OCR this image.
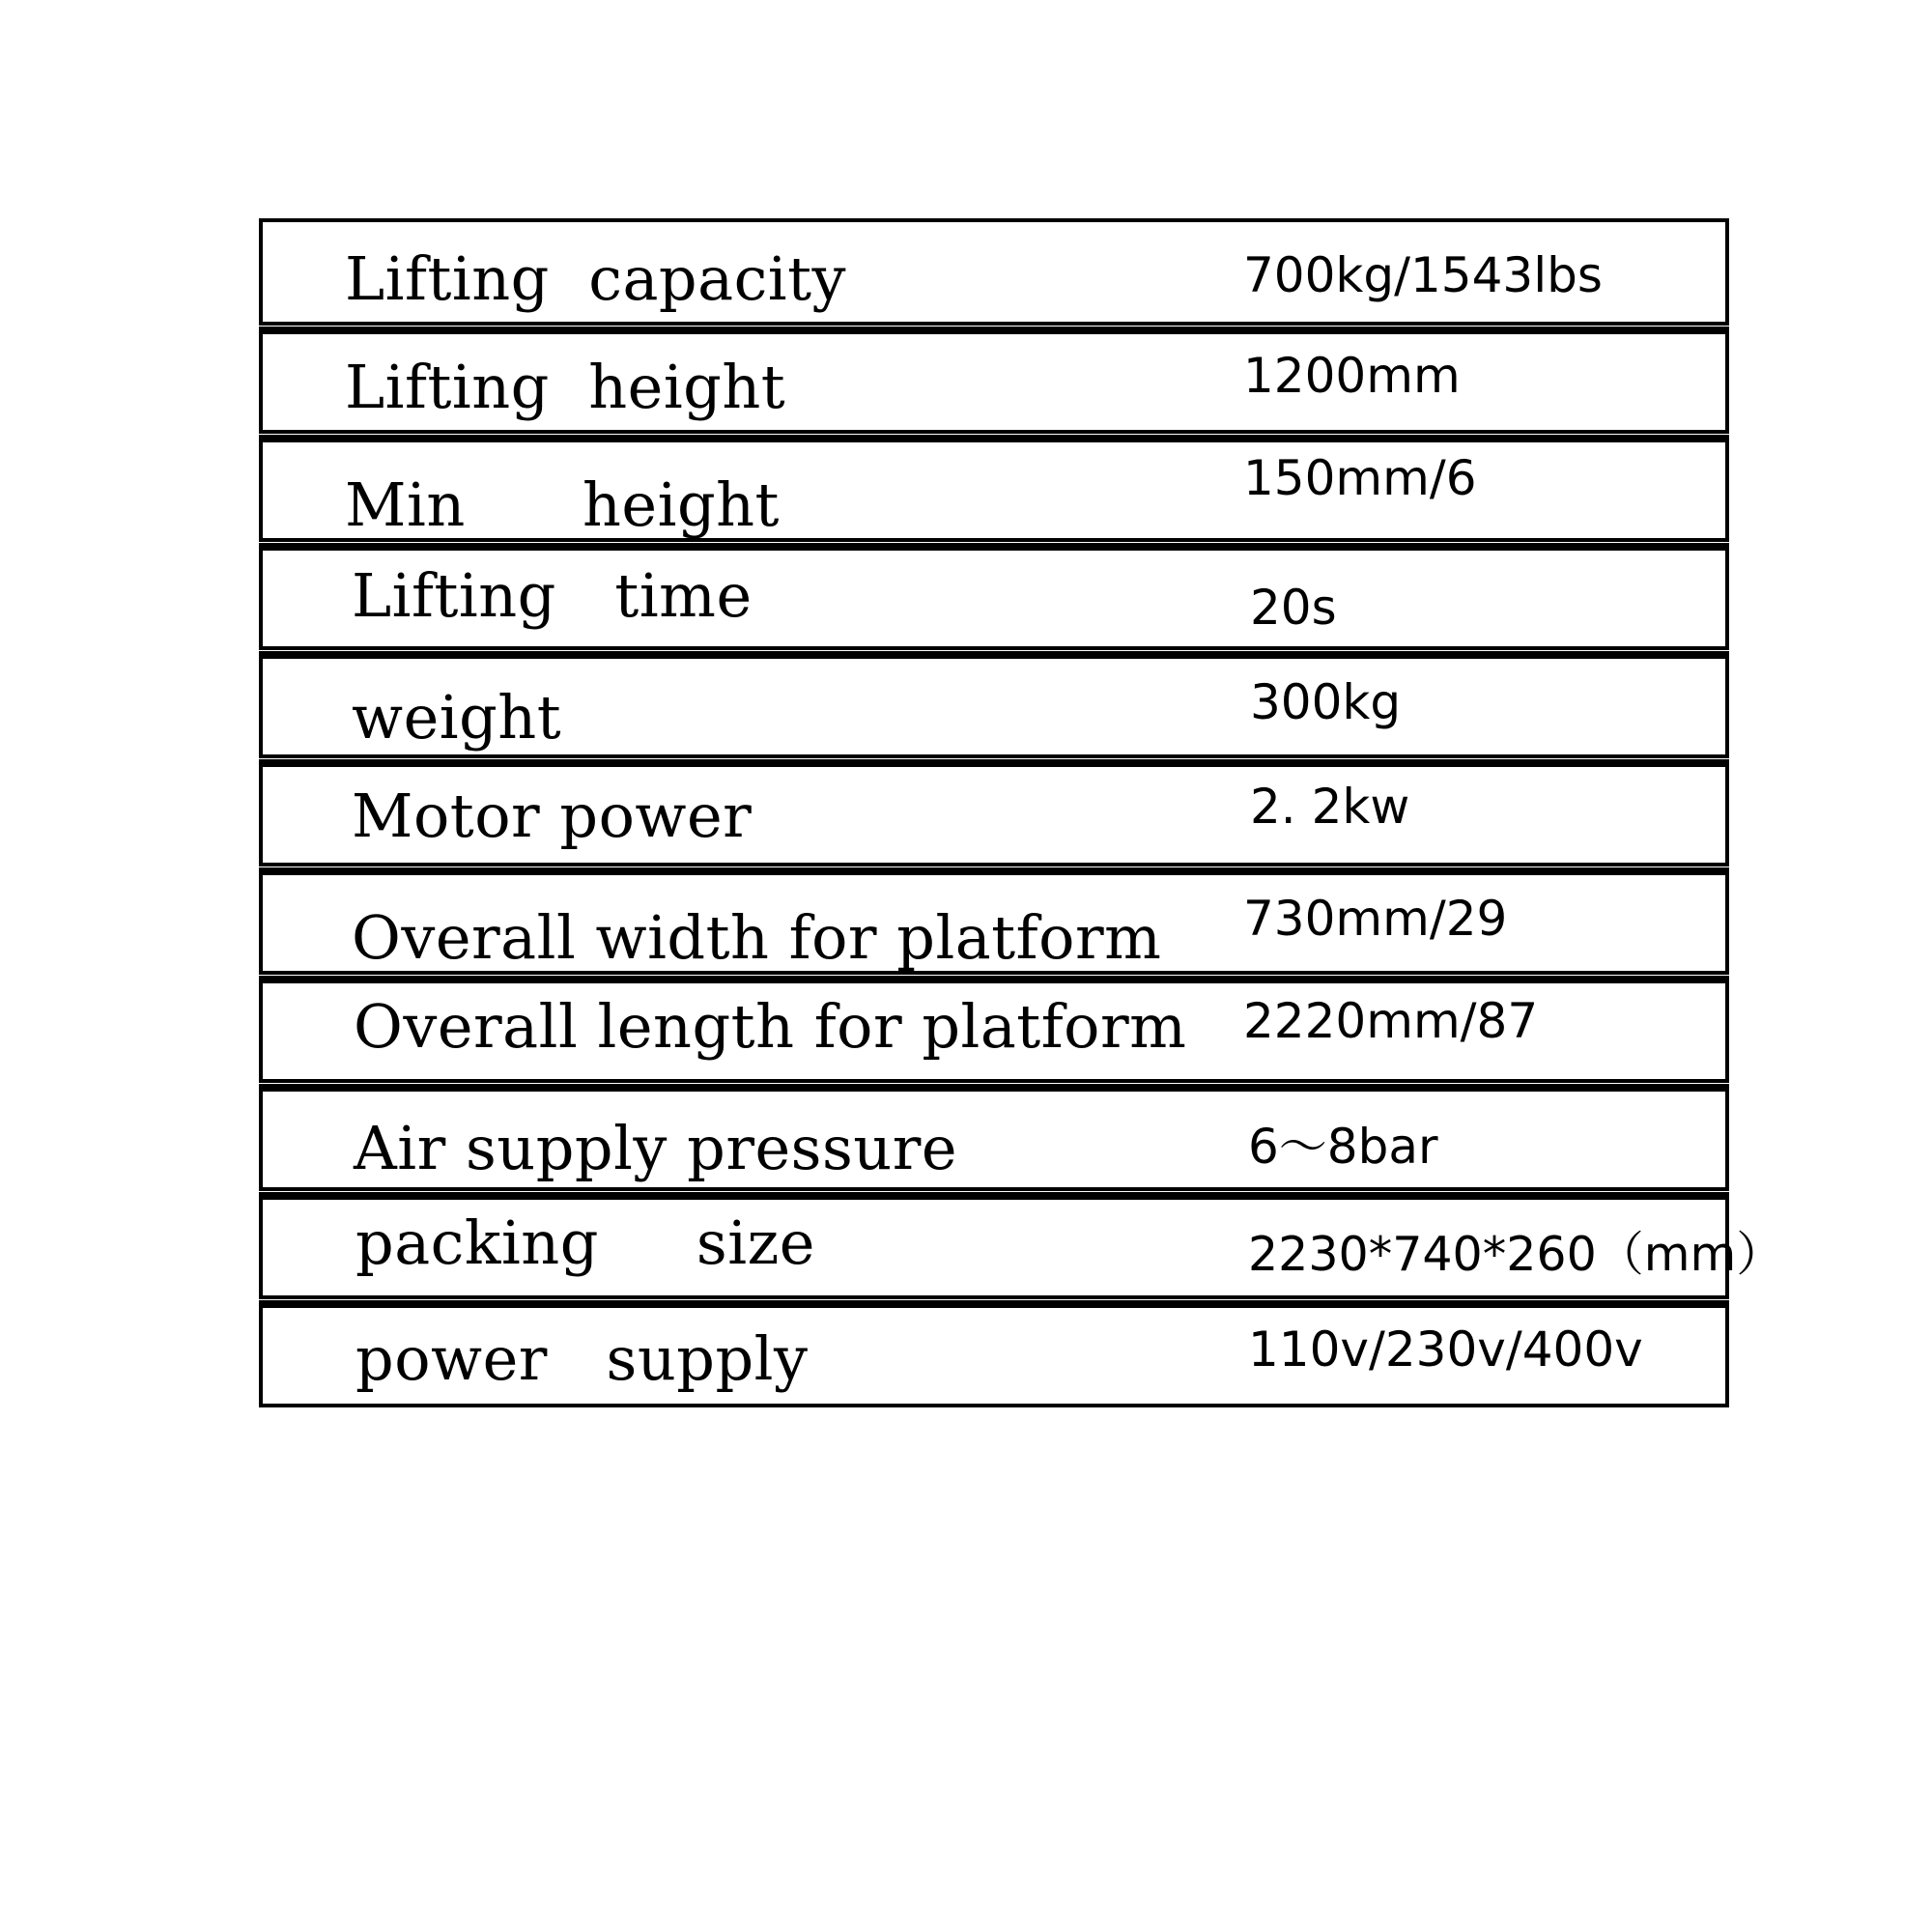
Lifting  capacity	700kg/1543lbs
Lifting  height	1200mm
Min      height	150mm/6
Lifting   time	20s
weight	300kg
Motor power	2. 2kw
Overall width for platform 730mm/29
Overall length for platform 2220mm/87
Air supply pressure	6～8bar
packing     size	2230*740*260（mm）
power   supply	110v/230v/400v
